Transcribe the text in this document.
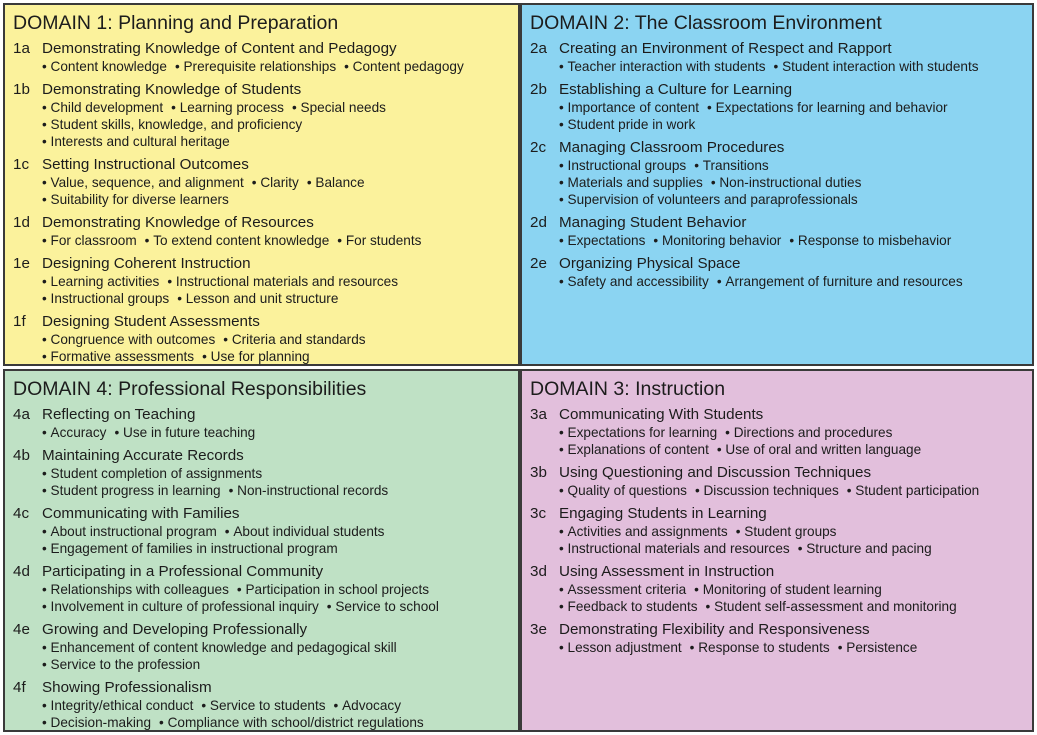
DOMAIN 1: Planning and Preparation
1a Demonstrating Knowledge of Content and Pedagogy
• Content knowledge • Prerequisite relationships • Content pedagogy
1b Demonstrating Knowledge of Students
• Child development • Learning process • Special needs
• Student skills, knowledge, and proficiency
• Interests and cultural heritage
1c Setting Instructional Outcomes
• Value, sequence, and alignment • Clarity • Balance
• Suitability for diverse learners
1d Demonstrating Knowledge of Resources
• For classroom • To extend content knowledge • For students
1e Designing Coherent Instruction
• Learning activities • Instructional materials and resources
• Instructional groups • Lesson and unit structure
1f	Designing Student Assessments
• Congruence with outcomes • Criteria and standards
• Formative assessments • Use for planning
DOMAIN 2: The Classroom Environment
2a Creating an Environment of Respect and Rapport
• Teacher interaction with students • Student interaction with students
2b Establishing a Culture for Learning
• Importance of content • Expectations for learning and behavior
• Student pride in work
2c Managing Classroom Procedures
• Instructional groups • Transitions
• Materials and supplies • Non-instructional duties
• Supervision of volunteers and paraprofessionals
2d Managing Student Behavior
• Expectations • Monitoring behavior • Response to misbehavior
2e Organizing Physical Space
• Safety and accessibility • Arrangement of furniture and resources
DOMAIN 4: Professional Responsibilities
4a Reflecting on Teaching
• Accuracy • Use in future teaching
4b Maintaining Accurate Records
• Student completion of assignments
• Student progress in learning • Non-instructional records
4c Communicating with Families
• About instructional program • About individual students
• Engagement of families in instructional program
4d Participating in a Professional Community
• Relationships with colleagues • Participation in school projects
• Involvement in culture of professional inquiry • Service to school
4e Growing and Developing Professionally
• Enhancement of content knowledge and pedagogical skill
• Service to the profession
4f	Showing Professionalism
• Integrity/ethical conduct • Service to students • Advocacy
• Decision-making • Compliance with school/district regulations
DOMAIN 3: Instruction
3a Communicating With Students
• Expectations for learning • Directions and procedures
• Explanations of content • Use of oral and written language
3b Using Questioning and Discussion Techniques
• Quality of questions • Discussion techniques • Student participation
3c Engaging Students in Learning
• Activities and assignments • Student groups
• Instructional materials and resources • Structure and pacing
3d Using Assessment in Instruction
• Assessment criteria • Monitoring of student learning
• Feedback to students • Student self-assessment and monitoring
3e Demonstrating Flexibility and Responsiveness
• Lesson adjustment • Response to students • Persistence
